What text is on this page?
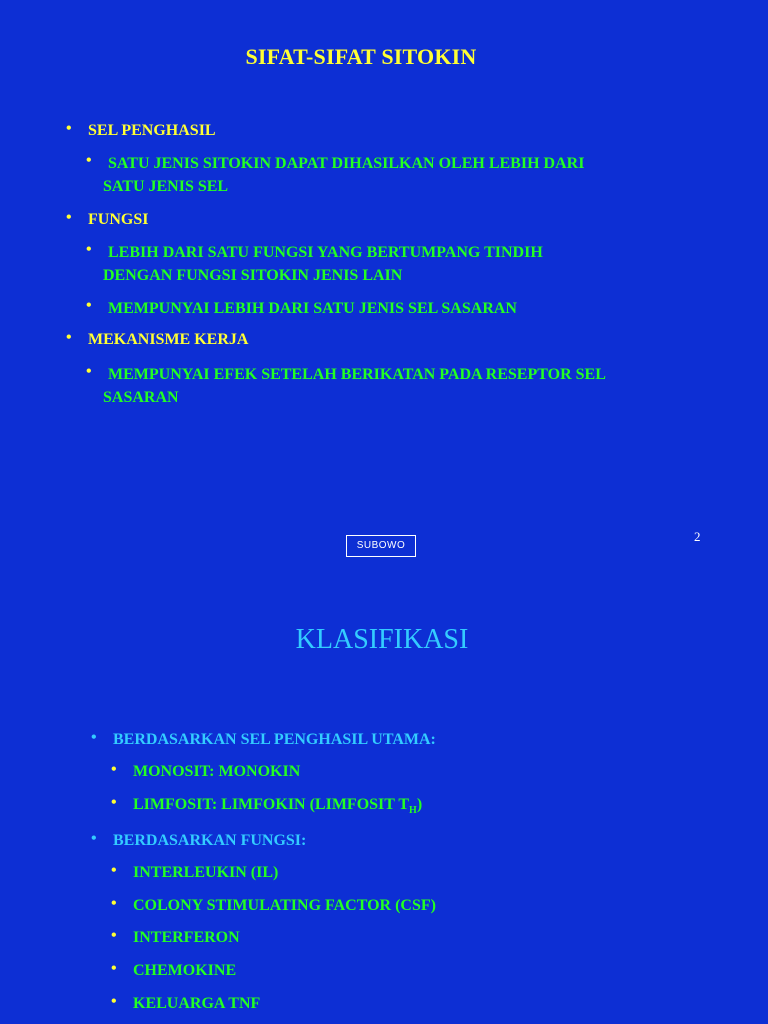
SIFAT-SIFAT SITOKIN
• SEL PENGHASIL
• SATU JENIS SITOKIN DAPAT DIHASILKAN OLEH LEBIH DARI
SATU JENIS SEL
• FUNGSI
• LEBIH DARI SATU FUNGSI YANG BERTUMPANG TINDIH
DENGAN FUNGSI SITOKIN JENIS LAIN
• MEMPUNYAI LEBIH DARI SATU JENIS SEL SASARAN
• MEKANISME KERJA
• MEMPUNYAI EFEK SETELAH BERIKATAN PADA RESEPTOR SEL
SASARAN
SUBOWO
2
KLASIFIKASI
• BERDASARKAN SEL PENGHASIL UTAMA:
• MONOSIT: MONOKIN
• LIMFOSIT: LIMFOKIN (LIMFOSIT $T_H$)
• BERDASARKAN FUNGSI:
• INTERLEUKIN (IL)
• COLONY STIMULATING FACTOR (CSF)
• INTERFERON
• CHEMOKINE
• KELUARGA TNF
